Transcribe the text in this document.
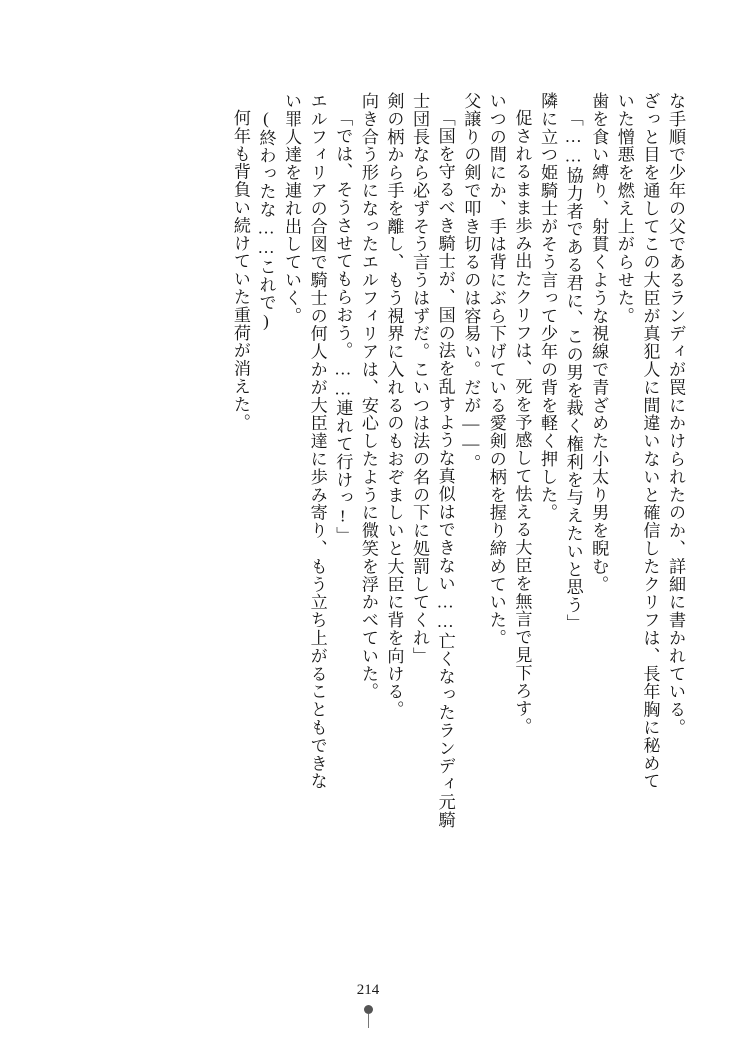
な手順で少年の父であるランディが罠にかけられたのか、詳細に書かれている。
ざっと目を通してこの大臣が真犯人に間違いないと確信したクリフは、長年胸に秘めて
いた憎悪を燃え上がらせた。
歯を食い縛り、射貫くような視線で青ざめた小太り男を睨む。
「……協力者である君に、この男を裁く権利を与えたいと思う」
隣に立つ姫騎士がそう言って少年の背を軽く押した。
促されるまま歩み出たクリフは、死を予感して怯える大臣を無言で見下ろす。
いつの間にか、手は背にぶら下げている愛剣の柄を握り締めていた。
父譲りの剣で叩き切るのは容易い。だが――。
「国を守るべき騎士が、国の法を乱すような真似はできない……亡くなったランディ元騎
士団長なら必ずそう言うはずだ。こいつは法の名の下に処罰してくれ」
剣の柄から手を離し、もう視界に入れるのもおぞましいと大臣に背を向ける。
向き合う形になったエルフィリアは、安心したように微笑を浮かべていた。
「では、そうさせてもらおう。……連れて行けっ!」
エルフィリアの合図で騎士の何人かが大臣達に歩み寄り、もう立ち上がることもできな
い罪人達を連れ出していく。
(終わったな……これで)
何年も背負い続けていた重荷が消えた。
214
